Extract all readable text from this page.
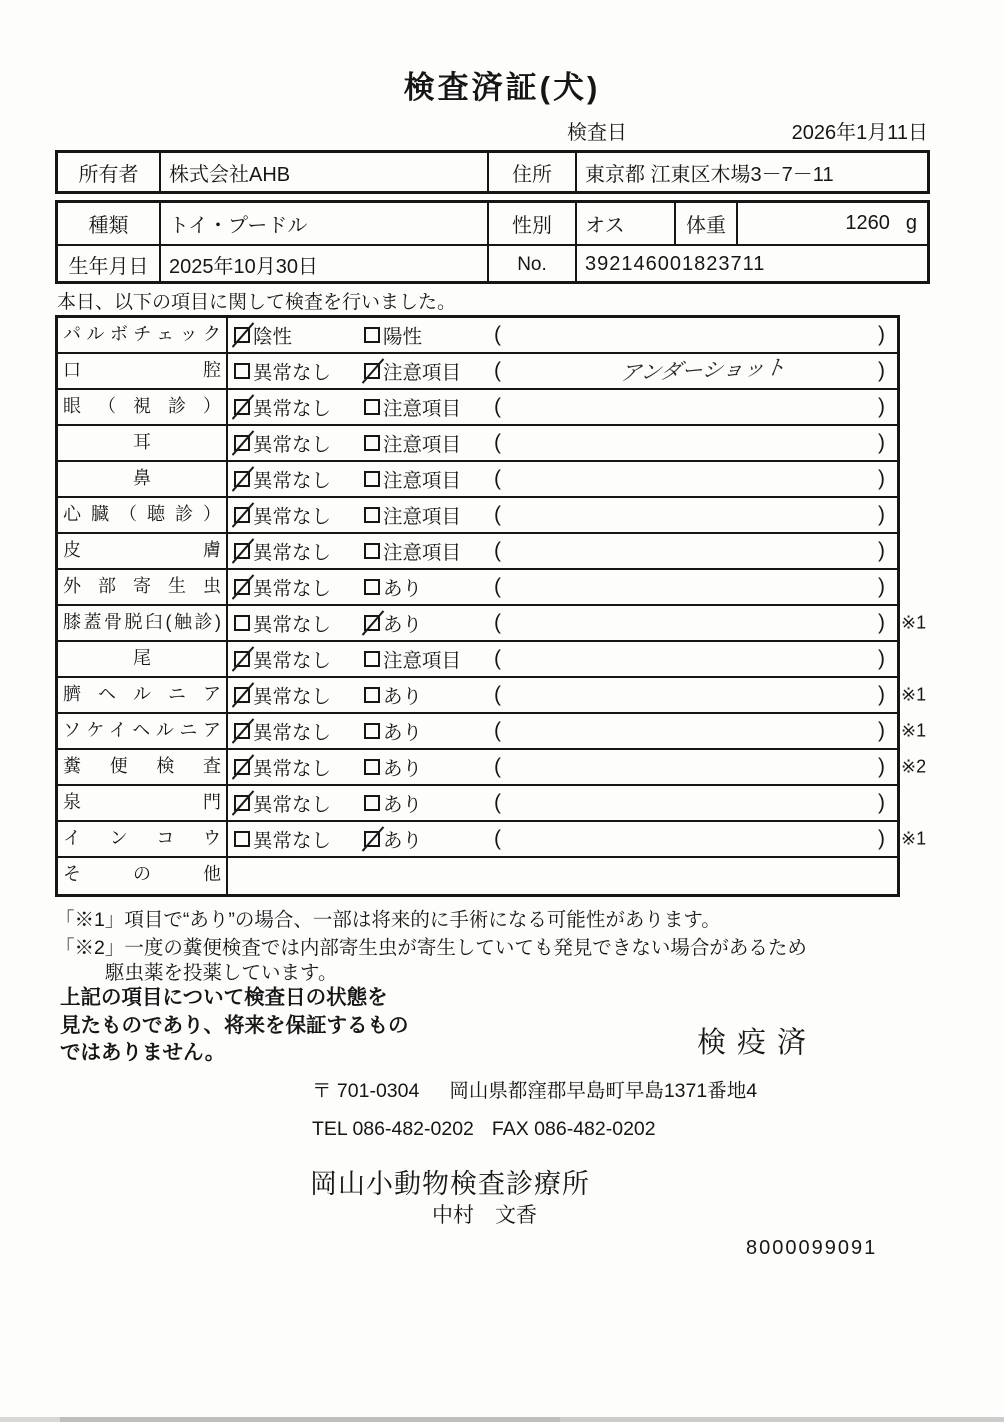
検査済証(犬)
検査日	2026年1月11日
所有者	株式会社AHB	住所	東京都 江東区木場3－7－11
種類	トイ・プードル	性別	オス	体重	1260 g
生年月日	2025年10月30日	No.	392146001823711
本日、以下の項目に関して検査を行いました。
パルボチェック	陰性	陽性	(	)
口腔	異常なし	注意項目 (	アンダーショット	)
眼（視診）	異常なし	注意項目 (	)
耳	異常なし	注意項目 (	)
鼻	異常なし	注意項目 (	)
心臓（聴診）	異常なし	注意項目 (	)
皮膚	異常なし	注意項目 (	)
外部寄生虫	異常なし	あり	(	)
膝蓋骨脱臼(触診)	異常なし	あり	(	) ※1
尾	異常なし	注意項目 (	)
臍ヘルニア	異常なし	あり	(	) ※1
ソケイヘルニア	異常なし	あり	(	) ※1
糞便検査	異常なし	あり	(	) ※2
泉門	異常なし	あり	(	)
インコウ	異常なし	あり	(	) ※1
その他
「※1」項目で“あり”の場合、一部は将来的に手術になる可能性があります。
「※2」一度の糞便検査では内部寄生虫が寄生していても発見できない場合があるため
駆虫薬を投薬しています。
上記の項目について検査日の状態を
見たものであり、将来を保証するもの
ではありません。	検疫済
〒 701-0304 岡山県都窪郡早島町早島1371番地4
TEL 086-482-0202 FAX 086-482-0202
岡山小動物検査診療所
中村　文香
8000099091
